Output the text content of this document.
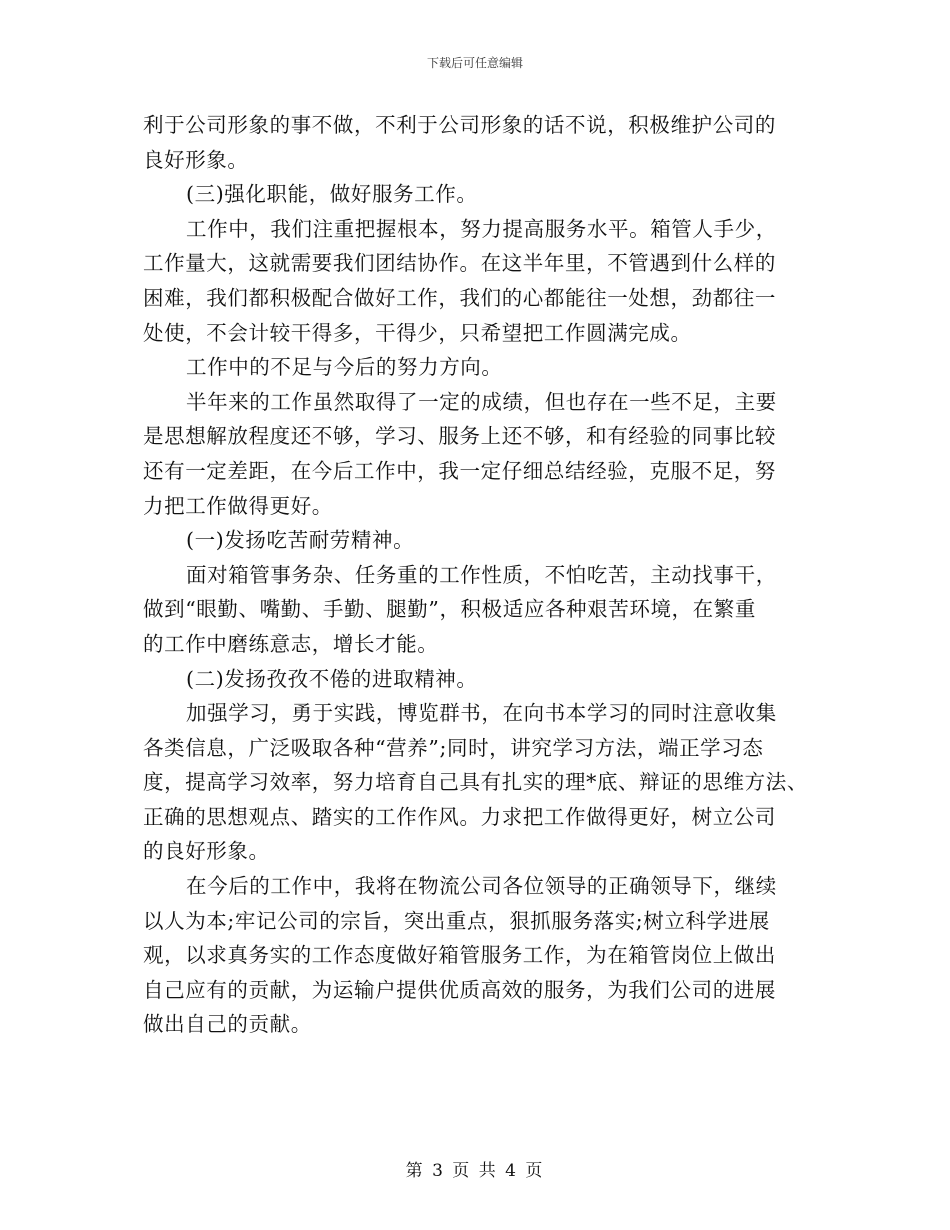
下载后可任意编辑
利于公司形象的事不做，不利于公司形象的话不说，积极维护公司的
良好形象。
(三)强化职能，做好服务工作。
工作中，我们注重把握根本，努力提高服务水平。箱管人手少，
工作量大，这就需要我们团结协作。在这半年里，不管遇到什么样的
困难，我们都积极配合做好工作，我们的心都能往一处想，劲都往一
处使，不会计较干得多，干得少，只希望把工作圆满完成。
工作中的不足与今后的努力方向。
半年来的工作虽然取得了一定的成绩，但也存在一些不足，主要
是思想解放程度还不够，学习、服务上还不够，和有经验的同事比较
还有一定差距，在今后工作中，我一定仔细总结经验，克服不足，努
力把工作做得更好。
(一)发扬吃苦耐劳精神。
面对箱管事务杂、任务重的工作性质，不怕吃苦，主动找事干，
做到“眼勤、嘴勤、手勤、腿勤”，积极适应各种艰苦环境，在繁重
的工作中磨练意志，增长才能。
(二)发扬孜孜不倦的进取精神。
加强学习，勇于实践，博览群书，在向书本学习的同时注意收集
各类信息，广泛吸取各种“营养”;同时，讲究学习方法，端正学习态
度，提高学习效率，努力培育自己具有扎实的理*底、辩证的思维方法、
正确的思想观点、踏实的工作作风。力求把工作做得更好，树立公司
的良好形象。
在今后的工作中，我将在物流公司各位领导的正确领导下，继续
以人为本;牢记公司的宗旨，突出重点，狠抓服务落实;树立科学进展
观，以求真务实的工作态度做好箱管服务工作，为在箱管岗位上做出
自己应有的贡献，为运输户提供优质高效的服务，为我们公司的进展
做出自己的贡献。
第 3 页 共 4 页
